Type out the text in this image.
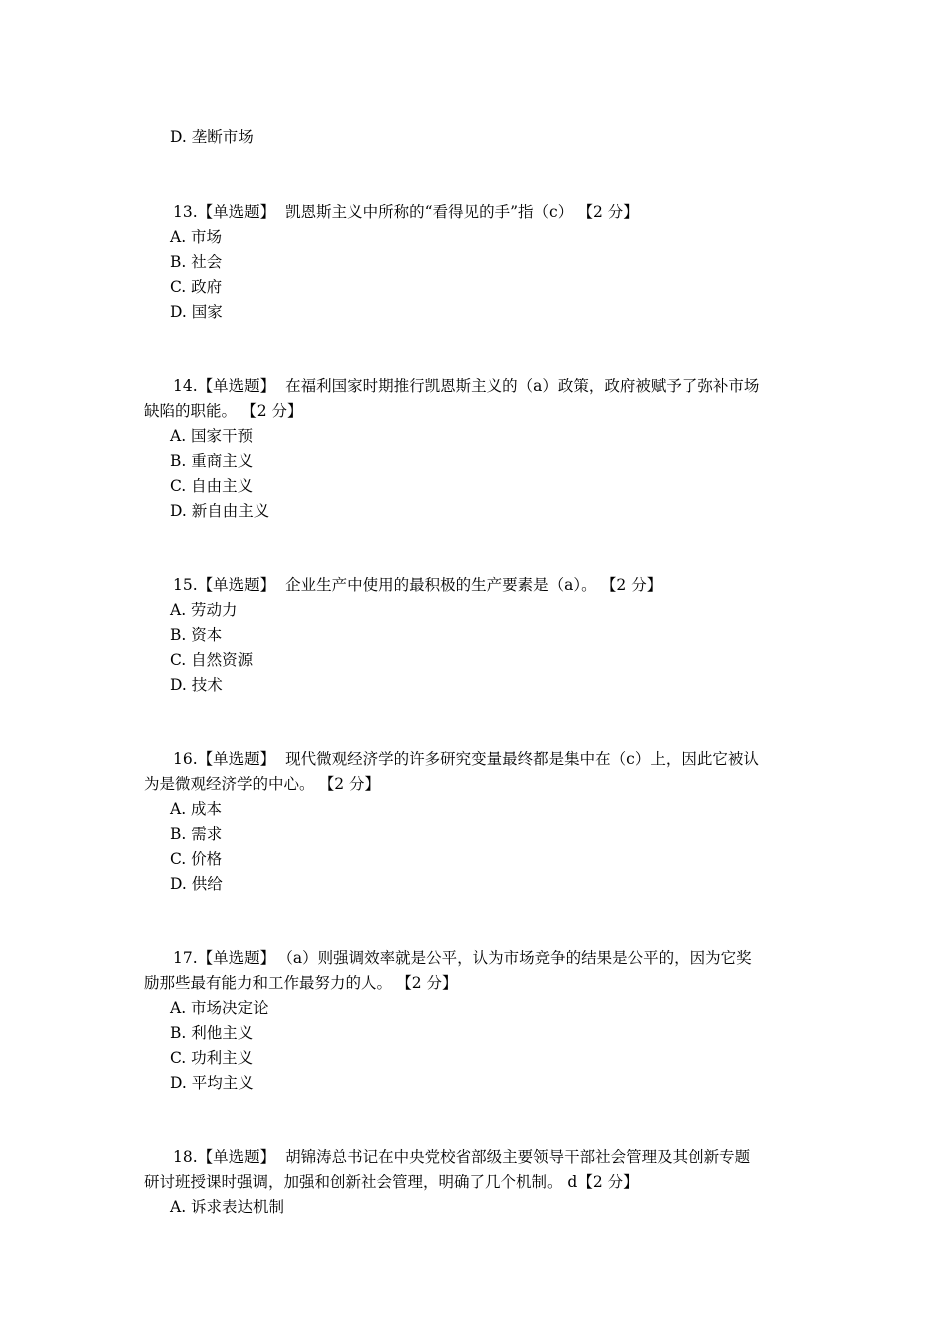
D. 垄断市场
13.【单选题】 凯恩斯主义中所称的“看得见的手”指（c） 【2 分】
A. 市场
B. 社会
C. 政府
D. 国家
14.【单选题】 在福利国家时期推行凯恩斯主义的（a）政策，政府被赋予了弥补市场
缺陷的职能。 【2 分】
A. 国家干预
B. 重商主义
C. 自由主义
D. 新自由主义
15.【单选题】 企业生产中使用的最积极的生产要素是（a）。 【2 分】
A. 劳动力
B. 资本
C. 自然资源
D. 技术
16.【单选题】 现代微观经济学的许多研究变量最终都是集中在（c）上，因此它被认
为是微观经济学的中心。 【2 分】
A. 成本
B. 需求
C. 价格
D. 供给
17.【单选题】 （a）则强调效率就是公平，认为市场竞争的结果是公平的，因为它奖
励那些最有能力和工作最努力的人。 【2 分】
A. 市场决定论
B. 利他主义
C. 功利主义
D. 平均主义
18.【单选题】 胡锦涛总书记在中央党校省部级主要领导干部社会管理及其创新专题
研讨班授课时强调，加强和创新社会管理，明确了几个机制。 d【2 分】
A. 诉求表达机制
